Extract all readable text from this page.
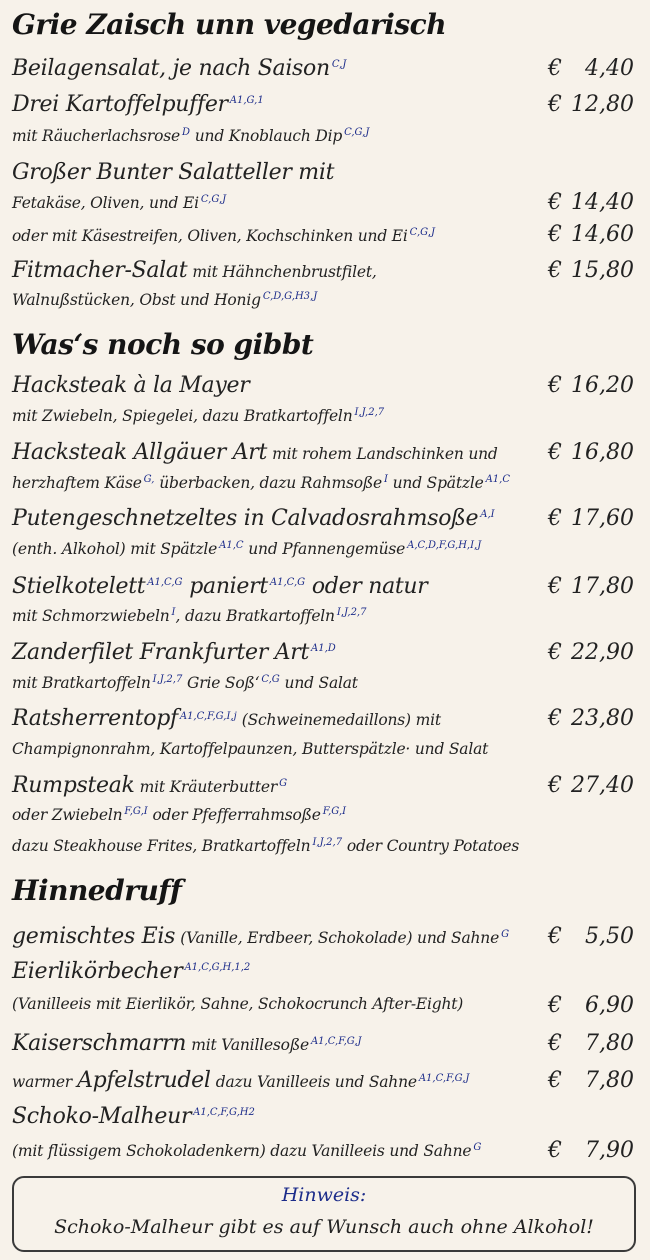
Grie Zaisch unn vegedarisch
Beilagensalat, je nach Saison $^{C,J}$	€ 4,40
Drei Kartoffelpuffer $^{A1,G,1}$	€ 12,80
mit Räucherlachsrose $^D$ und Knoblauch Dip $^{C,G,J}$
Großer Bunter Salatteller mit
Fetakäse, Oliven, und Ei $^{C,G,J}$	€ 14,40
oder mit Käsestreifen, Oliven, Kochschinken und Ei $^{C,G,J}$	€ 14,60
Fitmacher-Salat mit Hähnchenbrustfilet,	€ 15,80
Walnußstücken, Obst und Honig $^{C,D,G,H3,J}$
Was‘s noch so gibbt
Hacksteak à la Mayer	€ 16,20
mit Zwiebeln, Spiegelei, dazu Bratkartoffeln $^{I,J,2,7}$
Hacksteak Allgäuer Art mit rohem Landschinken und € 16,80
herzhaftem Käse $^{G,}$ überbacken, dazu Rahmsoße $^I$ und Spätzle $^{A1,C}$
Putengeschnetzeltes in Calvadosrahmsoße $^{A,I}$ € 17,60
(enth. Alkohol) mit Spätzle $^{A1,C}$ und Pfannengemüse $^{A,C,D,F,G,H,I,J}$
Stielkotelett $^{A1,C,G}$ paniert $^{A1,C,G}$ oder natur	€ 17,80
mit Schmorzwiebeln $^I$, dazu Bratkartoffeln $^{I,J,2,7}$
Zanderfilet Frankfurter Art $^{A1,D}$	€ 22,90
mit Bratkartoffeln $^{I,J,2,7}$ Grie Soß‘ $^{C,G}$ und Salat
Ratsherrentopf $^{A1,C,F,G,I,j}$ (Schweinemedaillons) mit	€ 23,80
Champignonrahm, Kartoffelpaunzen, Butterspätzle· und Salat
Rumpsteak mit Kräuterbutter $^G$	€ 27,40
oder Zwiebeln $^{F,G,I}$ oder Pfefferrahmsoße $^{F,G,I}$
dazu Steakhouse Frites, Bratkartoffeln $^{I,J,2,7}$ oder Country Potatoes
Hinnedruff
gemischtes Eis (Vanille, Erdbeer, Schokolade) und Sahne $^G$ € 5,50
Eierlikörbecher $^{A1,C,G,H,1,2}$
(Vanilleeis mit Eierlikör, Sahne, Schokocrunch After-Eight)	€ 6,90
Kaiserschmarrn mit Vanillesoße $^{A1,C,F,G,J}$	€ 7,80
warmer Apfelstrudel dazu Vanilleeis und Sahne $^{A1,C,F,G,J}$	€ 7,80
Schoko-Malheur $^{A1,C,F,G,H2}$
(mit flüssigem Schokoladenkern) dazu Vanilleeis und Sahne $^G$	€ 7,90
Hinweis:
Schoko-Malheur gibt es auf Wunsch auch ohne Alkohol!
